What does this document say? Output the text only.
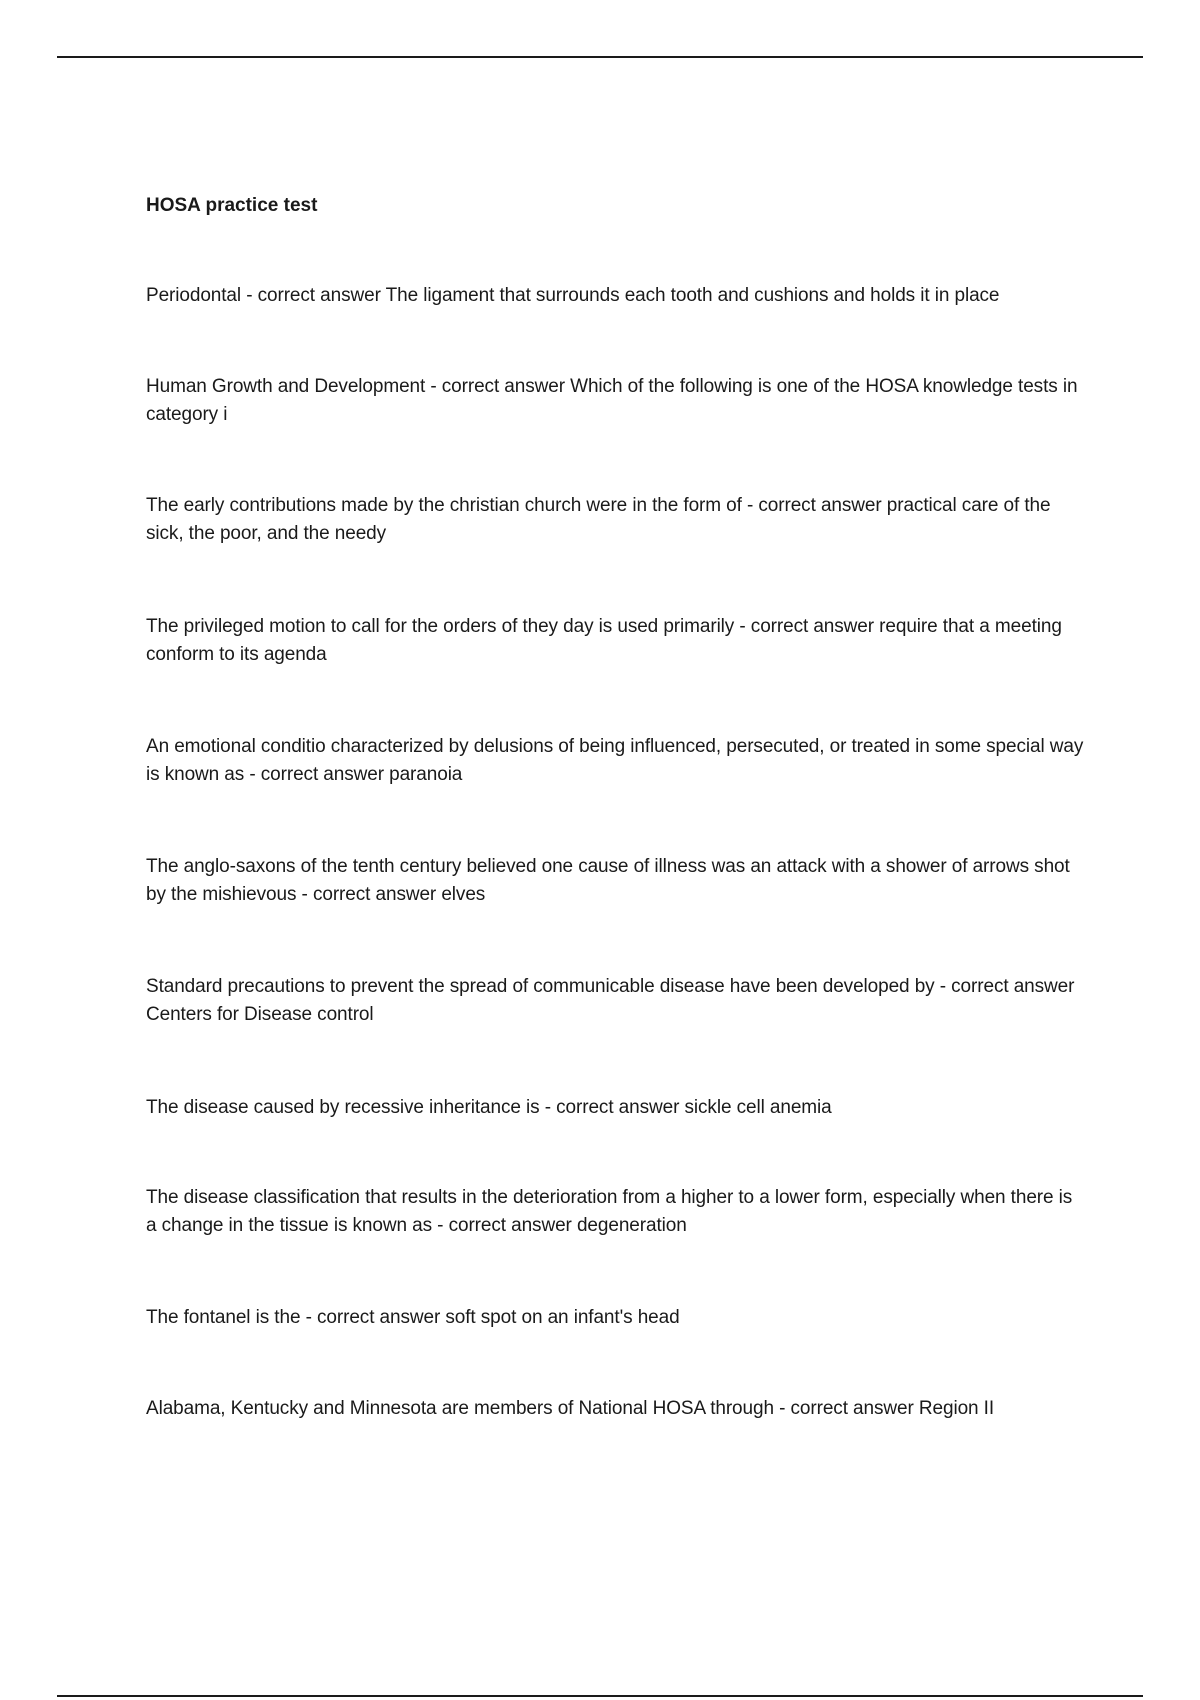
HOSA practice test

Periodontal - correct answer The ligament that surrounds each tooth and cushions and holds it in place

Human Growth and Development - correct answer Which of the following is one of the HOSA knowledge tests in category i

The early contributions made by the christian church were in the form of - correct answer practical care of the sick, the poor, and the needy

The privileged motion to call for the orders of they day is used primarily - correct answer require that a meeting conform to its agenda

An emotional conditio characterized by delusions of being influenced, persecuted, or treated in some special way is known as - correct answer paranoia

The anglo-saxons of the tenth century believed one cause of illness was an attack with a shower of arrows shot by the mishievous - correct answer elves

Standard precautions to prevent the spread of communicable disease have been developed by - correct answer Centers for Disease control

The disease caused by recessive inheritance is - correct answer sickle cell anemia

The disease classification that results in the deterioration from a higher to a lower form, especially when there is a change in the tissue is known as - correct answer degeneration

The fontanel is the - correct answer soft spot on an infant's head

Alabama, Kentucky and Minnesota are members of National HOSA through - correct answer Region II
